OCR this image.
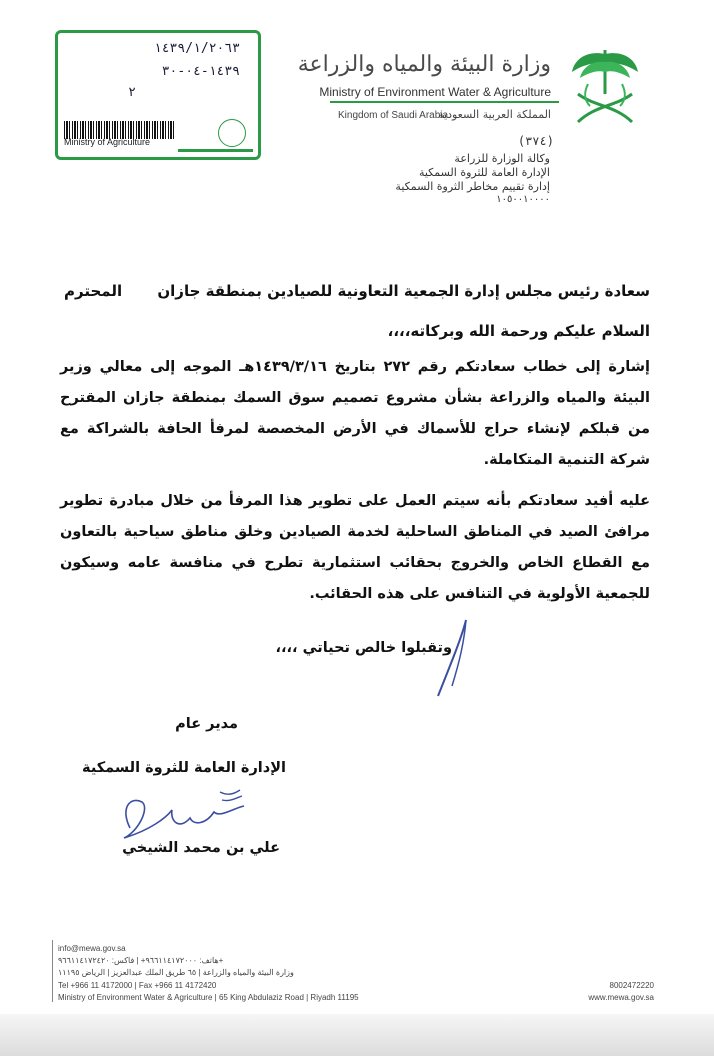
١٤٣٩/١/٢٠٦٣
١٤٣٩-٠٤-٣٠
٢
Ministry of Agriculture
وزارة البيئة والمياه والزراعة
Ministry of Environment Water & Agriculture
Kingdom of Saudi Arabia
المملكة العربية السعودية
(٣٧٤)
وكالة الوزارة للزراعة
الإدارة العامة للثروة السمكية
إدارة تقييم مخاطر الثروة السمكية
١٠٥٠٠١٠٠٠٠
سعادة رئيس مجلس إدارة الجمعية التعاونية للصيادين بمنطقة جازان
المحترم
السلام عليكم ورحمة الله وبركاته،،،،
إشارة إلى خطاب سعادتكم رقم ٢٧٢ بتاريخ ١٤٣٩/٣/١٦هـ الموجه إلى معالي وزير البيئة والمياه والزراعة بشأن مشروع تصميم سوق السمك بمنطقة جازان المقترح من قبلكم لإنشاء حراج للأسماك في الأرض المخصصة لمرفأ الحافة بالشراكة مع شركة التنمية المتكاملة.
عليه أفيد سعادتكم بأنه سيتم العمل على تطوير هذا المرفأ من خلال مبادرة تطوير مرافئ الصيد في المناطق الساحلية لخدمة الصيادين وخلق مناطق سياحية بالتعاون مع القطاع الخاص والخروج بحقائب استثمارية تطرح في منافسة عامه وسيكون للجمعية الأولوية في التنافس على هذه الحقائب.
وتقبلوا خالص تحياتي ،،،،
مدير عام
الإدارة العامة للثروة السمكية
علي بن محمد الشيخي
info@mewa.gov.sa
هاتف: ٩٦٦١١٤١٧٢٠٠٠+ | فاكس: ٩٦٦١١٤١٧٢٤٢٠+
وزارة البيئة والمياه والزراعة | ٦٥ طريق الملك عبدالعزيز | الرياض ١١١٩٥
Tel +966 11 4172000 | Fax +966 11 4172420
Ministry of Environment Water & Agriculture | 65 King Abdulaziz Road | Riyadh 11195
8002472220
www.mewa.gov.sa
